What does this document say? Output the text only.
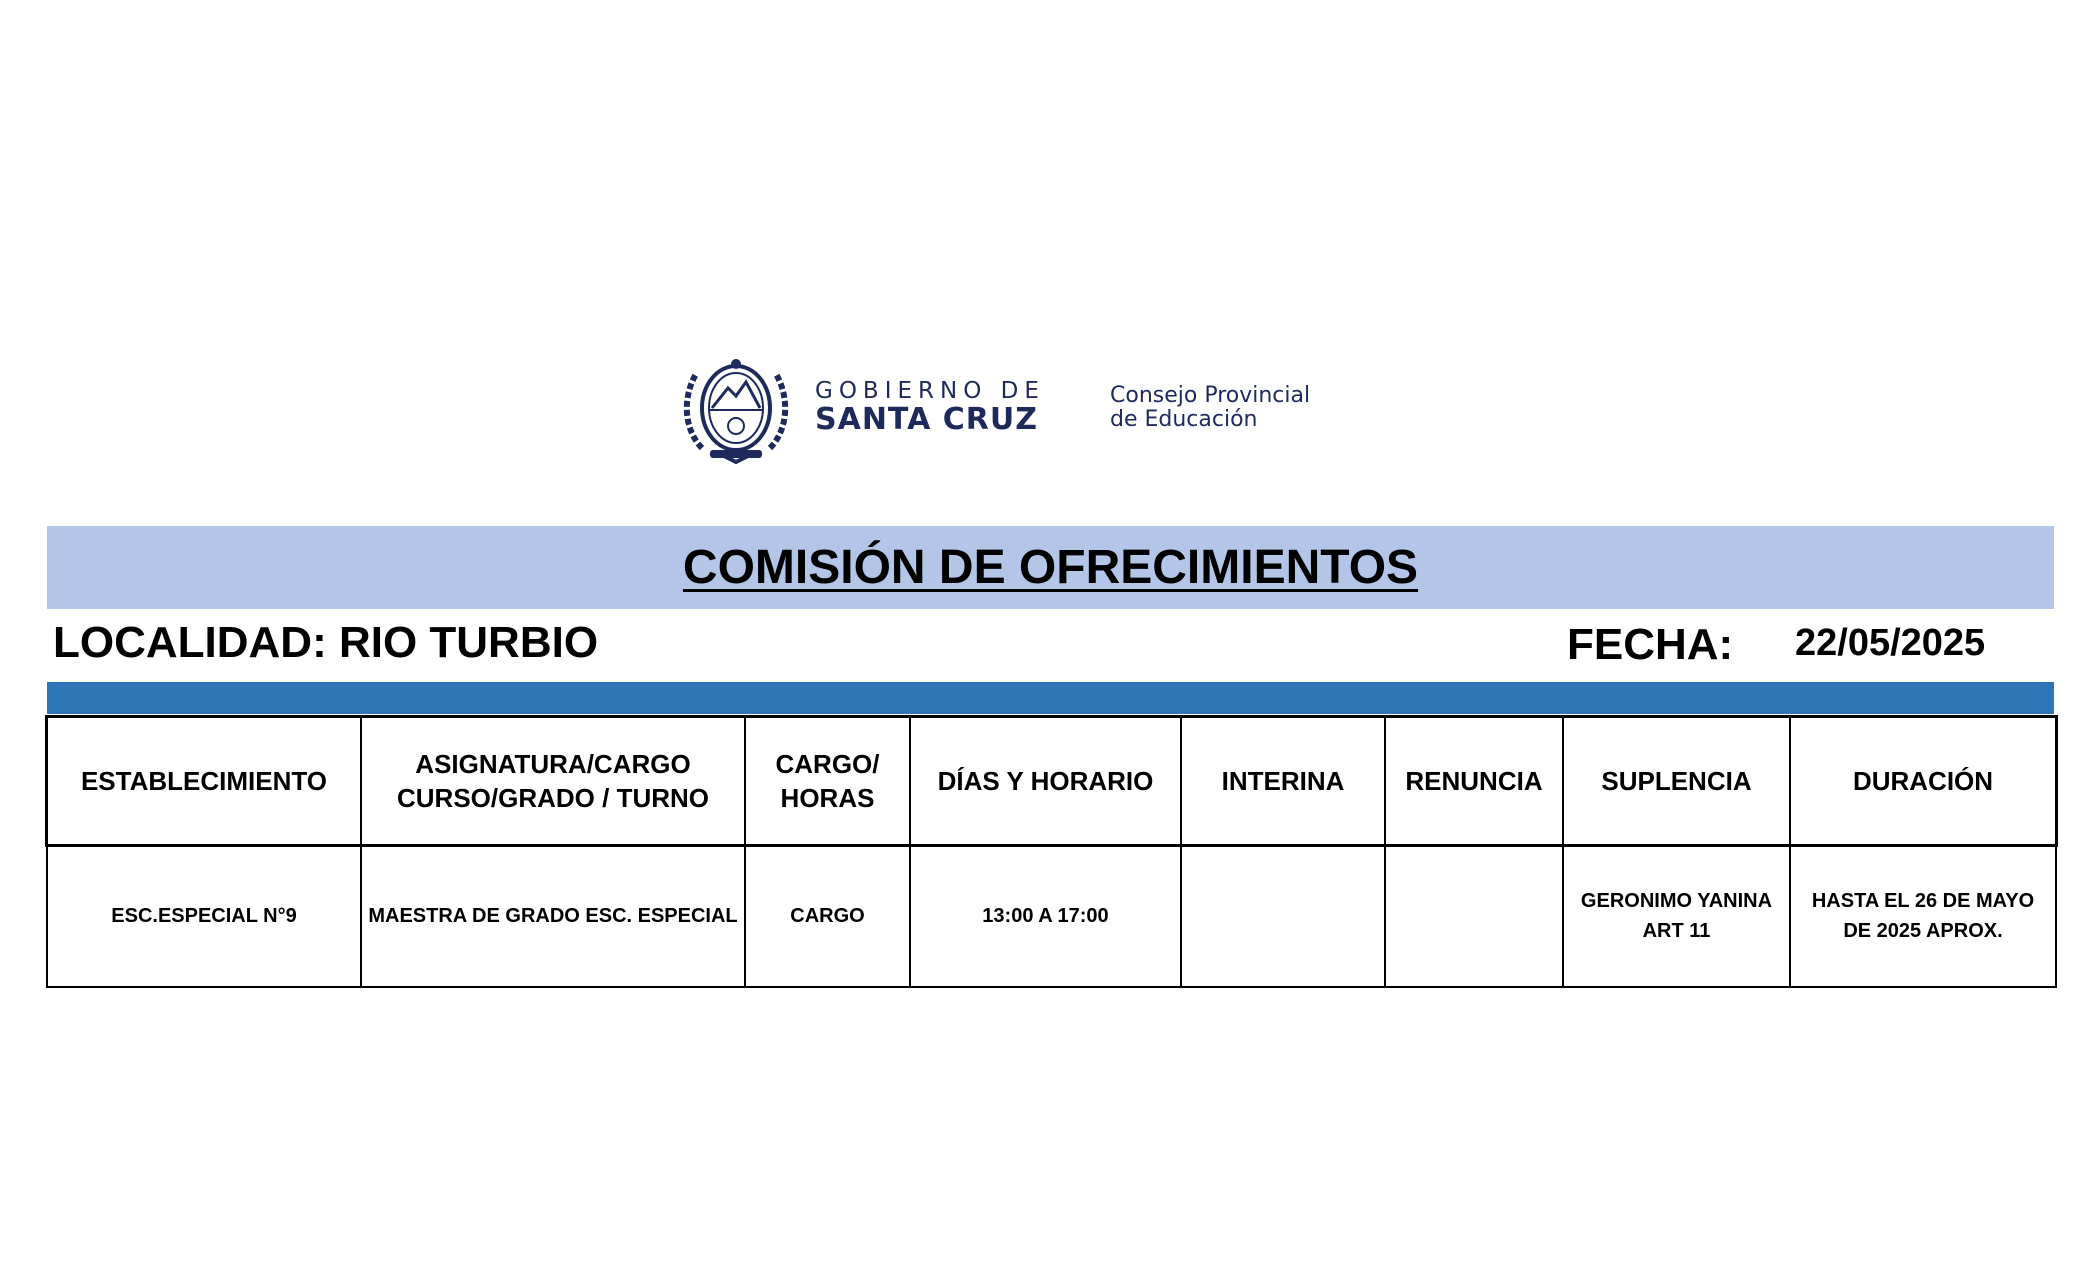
GOBIERNO DE
SANTA CRUZ
Consejo Provincial
de Educación
COMISIÓN DE OFRECIMIENTOS
LOCALIDAD: RIO TURBIO	FECHA: 22/05/2025
ESTABLECIMIENTO	ASIGNATURA/CARGO CURSO/GRADO / TURNO	CARGO/ HORAS	DÍAS Y HORARIO	INTERINA	RENUNCIA	SUPLENCIA	DURACIÓN
ESC.ESPECIAL N°9	MAESTRA DE GRADO ESC. ESPECIAL	CARGO	13:00 A 17:00			GERONIMO YANINA ART 11	HASTA EL 26 DE MAYO DE 2025 APROX.
